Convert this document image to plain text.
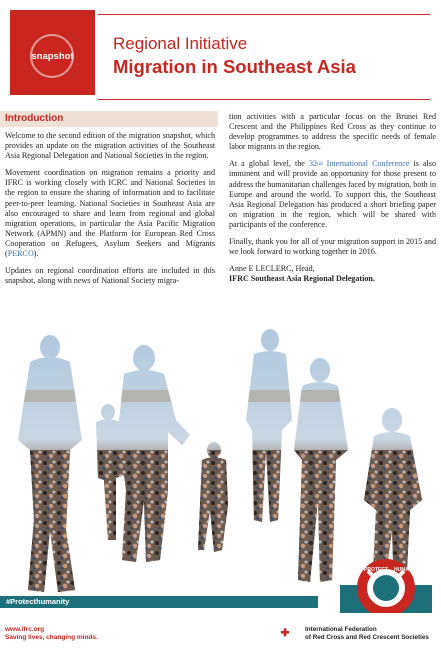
snapshot
Regional Initiative
Migration in Southeast Asia
Introduction

Welcome to the second edition of the migration snapshot, which provides an update on the migration activities of the Southeast Asia Regional Delegation and National Societies in the region.

Movement coordination on migration remains a priority and IFRC is working closely with ICRC and National Societies in the region to ensure the sharing of information and to facilitate peer-to-peer learning. National Societies in Southeast Asia are also encouraged to share and learn from regional and global migration operations, in particular the Asia Pacific Migration Network (APMN) and the Platform for European Red Cross Cooperation on Refugees, Asylum Seekers and Migrants (PERCO).

Updates on regional coordination efforts are included in this snapshot, along with news of National Society migra-

tion activities with a particular focus on the Brunei Red Crescent and the Philippines Red Cross as they continue to develop programmes to address the specific needs of female labor migrants in the region.

At a global level, the 32nd International Conference is also imminent and will provide an opportunity for those present to address the humanitarian challenges faced by migration, both in Europe and around the world. To support this, the Southeast Asia Regional Delegation has produced a short briefing paper on migration in the region, which will be shared with participants of the conference.

Finally, thank you for all of your migration support in 2015 and we look forward to working together in 2016.

Anne E LECLERC, Head,

IFRC Southeast Asia Regional Delegation.

PROTECT HUMANITY
#Protecthumanity
www.ifrc.org
Saving lives, changing minds.
International Federation
of Red Cross and Red Crescent Societies
